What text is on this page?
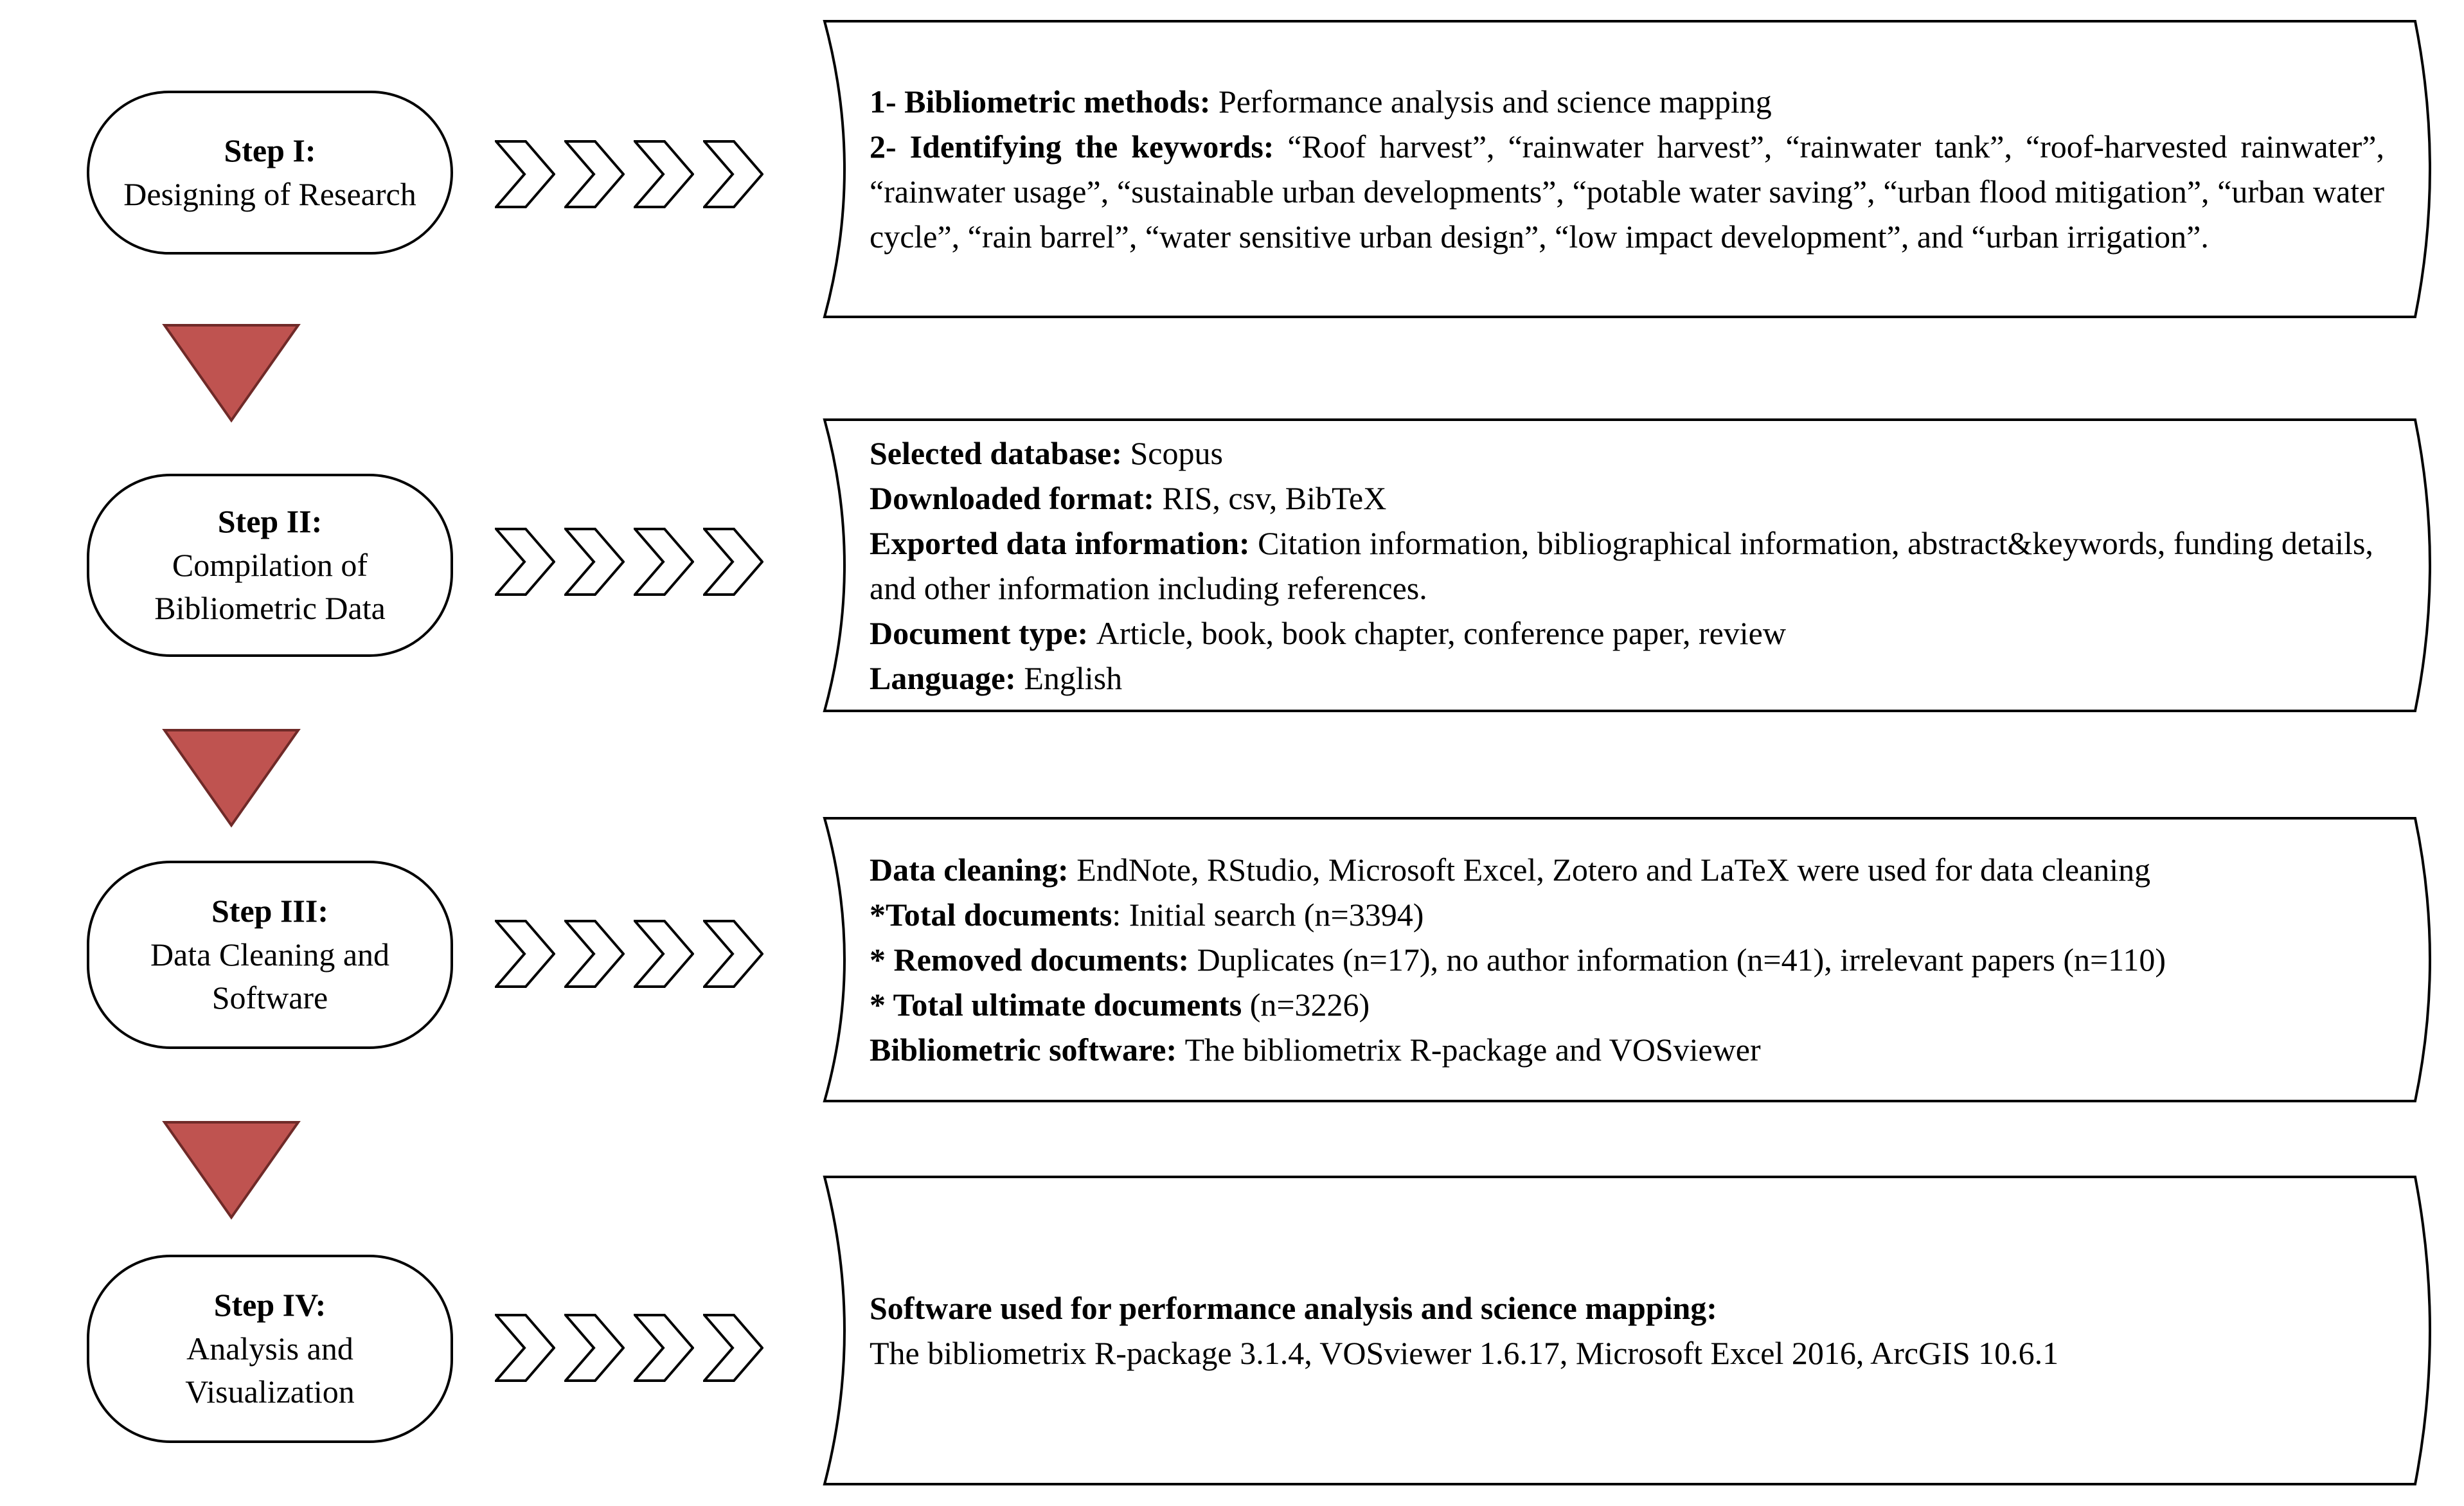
Step I:
Designing of Research
Step II:
Compilation of Bibliometric Data
Step III:
Data Cleaning and Software
Step IV:
Analysis and Visualization
1- Bibliometric methods: Performance analysis and science mapping
2- Identifying the keywords: “Roof harvest”, “rainwater harvest”, “rainwater tank”, “roof-harvested rainwater”, “rainwater usage”, “sustainable urban developments”, “potable water saving”, “urban flood mitigation”, “urban water cycle”, “rain barrel”, “water sensitive urban design”, “low impact development”, and “urban irrigation”.
Selected database: Scopus
Downloaded format: RIS, csv, BibTeX
Exported data information: Citation information, bibliographical information, abstract&keywords, funding details, and other information including references.
Document type: Article, book, book chapter, conference paper, review
Language: English
Data cleaning: EndNote, RStudio, Microsoft Excel, Zotero and LaTeX were used for data cleaning
*Total documents: Initial search (n=3394)
* Removed documents: Duplicates (n=17), no author information (n=41), irrelevant papers (n=110)
* Total ultimate documents (n=3226)
Bibliometric software: The bibliometrix R-package and VOSviewer
Software used for performance analysis and science mapping:
The bibliometrix R-package 3.1.4, VOSviewer 1.6.17, Microsoft Excel 2016, ArcGIS 10.6.1
